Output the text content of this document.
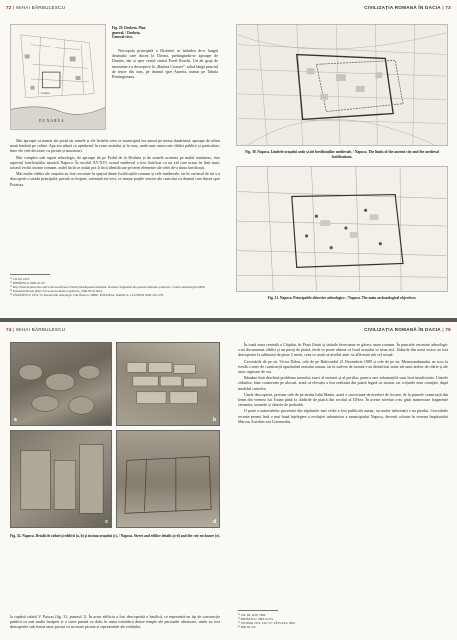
72 | MIHAI BÂRBULESCU	CIVILIZAȚIA ROMANĂ ÎN DACIA | 73
Castra
DUNAREA
Fig. 29. Drobeta. Plan general. / Drobeta. General view.
Necropola principală a Drobetei se întindea de-a lungul drumului care ducea la Dierna, prelungindu-se aproape de Dunăre, dar și spre vestul străzii Pavel Roschi. Un alt grup de morminte s-a descoperit la „Bariera Cronzei”, adică lângă punctul de ieșire din oraș, pe drumul spre Ameria, numai pe Tabula Peutingeriana.

Mai aproape ca număr ale porții iar armele și ele lecările ceea ce municipiul era așezat pe terasa dunăreană, aproape de urbea nouă fondată pe coline. Apa era adusă cu apeductul în zona castrului și în oraș, unde sunt cunoscute clădiri publice și particulare, între ele cele decorate cu picturi și mozaicuri.

Mai complex sub raport arheologic, de aproape de pe Podul de la Drobeta și de urmele acestuia pe malul românesc, este aspectul fortificațiilor așezării Napoca. În secolul XV-XVI, orașul medieval a fost fortificat cu un zid care urma, în linii mari, traseul vechii incinte romane, astfel încât ce astăzi pot fi încă identificate pe teren elemente ale celei de-a doua fortificații.

Mai multe clădiri ale orașului au fost cercetate în spațiul dintre fortificațiile romane și cele medievale, iar în cartierul de est s-a descoperit o stradă principală, pavată cu lespezi, orientată est-vest, ce unește porțile vestice ale castrului cu drumul care ducea spre Potaissa.

²⁵ CIL III, 1627.
²⁶ MIHĂESCU 1998, 61-67.
²⁷ http://lexicon.pbworks.com/w/browse/#view=ViewFolder&param=Drobeta: Drobeta, fragmente din pietrele mărunte și mozaic, Cronica Arheologică 2006.
²⁸ Romanian Roads (http://www.dacoromania.org/Dacia_1996-02/01.htm).
²⁹ TĂNĂSESCU 1974, 55, Repertoriul arheologic Cluj-Napoca, SIBIU, POTAISSA, NAPOCA, CLUSIUM 2006, 201-278.
Fig. 30. Napoca. Limitele orașului antic și ale fortificațiilor medievale. / Napoca. The limits of the ancient city and the medieval fortifications.
Fig. 31. Napoca. Principalele obiective arheologice. / Napoca. The main archaeological objectives.
74 | MIHAI BÂRBULESCU	CIVILIZAȚIA ROMANĂ ÎN DACIA | 75
a	b
c	d
Fig. 32. Napoca. Detalii de ziduri și edificii (a, b) și incinta orașului (c). / Napoca. Street and edifice details (a-d) and the city enclosure (e).
la capătul străzii V. Pușcaș (fig. 31, punctul 1). În acest edificiu a fost descoperită o basilică, ce reprezintă un tip de construcție publică cu mai multe încăperi și o curte pavată cu dale; în urma extinderii dintre temple ale perioadei ulterioare, unele au fost descoperite sub forma unor picturi cu sectoare pictate și reprezentări ale zeităților.

În toată zona centrală a Clujului, în Piața Unirii și străzile învecinate se găsesc ruine romane. În punctele cercetate arheologic s-au documentat clădiri și un pavaj de piatră, încât se poate afirma că forul orașului se situa aici. Zidurile din acest sector au fost descoperite la adâncimi de peste 2 metri, ceea ce arată că nivelul antic se află mult sub cel actual.

Cercetările de pe str. Victor Deleu, cele de pe Bulevardul 21 Decembrie 1989 și cele de pe str. Memorandumului au scos la iveală o serie de construcții aparținând orașului roman, iar la sud-est de incintă s-au identificat urme ale unui atelier de olărie și ale unor cuptoare de var.

Rămâne însă deschisă problema traseului exact al incintei și al porților, pentru care informațiile sunt încă insuficiente. Urmele zidurilor, bine conservate pe alocuri, arată că elevația a fost realizată din piatră legată cu mortar, iar colțurile erau rotunjite, după modelul castrelor.

Unele descoperiri, precum cele de pe strada Iuliu Maniu, arată o succesiune de niveluri de locuire, de la primele construcții din lemn din vremea lui Traian până la clădirile de piatră din secolul al III-lea. În aceste niveluri s-au găsit numeroase fragmente ceramice, monede și obiecte de podoabă.

O parte a materialelor provenite din săpăturile mai vechi a fost publicată sumar, iar multe informații s-au pierdut. Cercetările recente permit însă o mai bună înțelegere a evoluției urbanistice a municipiului Napoca, devenit colonie în vremea împăratului Marcus Aurelius sau Commodus.

³⁰ CIL III, 1430; 7866.
³¹ MIHĂESCU 1998, 62-93.
³² TEODOR 1974, 130-137; TĂTULEA 1994.
³³ IDR III, 3/4.
